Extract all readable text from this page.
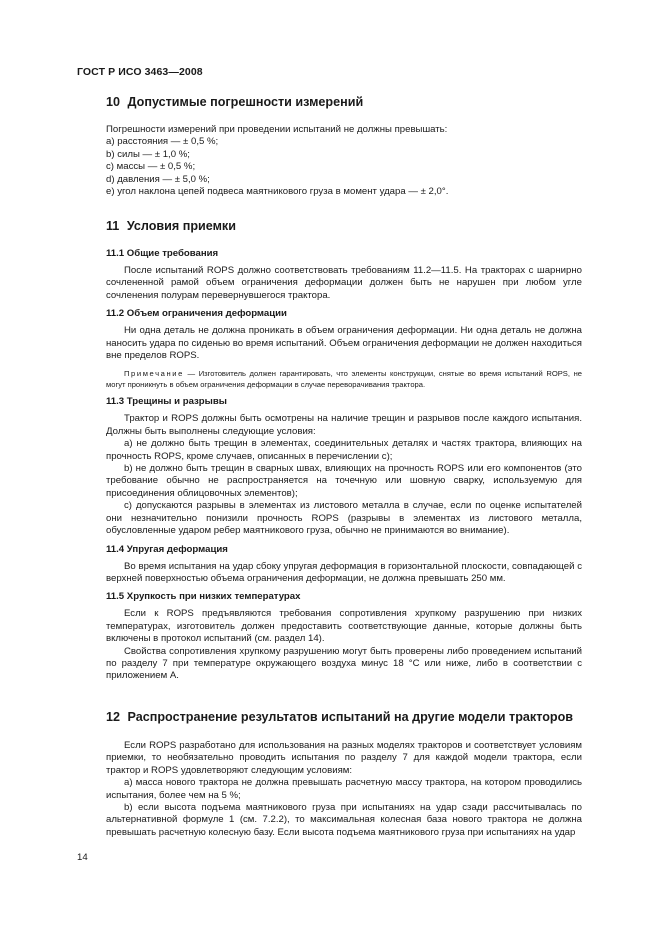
ГОСТ Р ИСО 3463—2008
10 Допустимые погрешности измерений
Погрешности измерений при проведении испытаний не должны превышать:
a) расстояния — ± 0,5 %;
b) силы — ± 1,0 %;
c) массы — ± 0,5 %;
d) давления — ± 5,0 %;
e) угол наклона цепей подвеса маятникового груза в момент удара — ± 2,0°.
11 Условия приемки
11.1 Общие требования
После испытаний ROPS должно соответствовать требованиям 11.2—11.5. На тракторах с шарнирно сочлененной рамой объем ограничения деформации должен быть не нарушен при любом угле сочленения полурам перевернувшегося трактора.
11.2 Объем ограничения деформации
Ни одна деталь не должна проникать в объем ограничения деформации. Ни одна деталь не должна наносить удара по сиденью во время испытаний. Объем ограничения деформации не должен находиться вне пределов ROPS.
Примечание — Изготовитель должен гарантировать, что элементы конструкции, снятые во время испытаний ROPS, не могут проникнуть в объем ограничения деформации в случае переворачивания трактора.
11.3 Трещины и разрывы
Трактор и ROPS должны быть осмотрены на наличие трещин и разрывов после каждого испытания. Должны быть выполнены следующие условия:
a) не должно быть трещин в элементах, соединительных деталях и частях трактора, влияющих на прочность ROPS, кроме случаев, описанных в перечислении c);
b) не должно быть трещин в сварных швах, влияющих на прочность ROPS или его компонентов (это требование обычно не распространяется на точечную или шовную сварку, используемую для присоединения облицовочных элементов);
c) допускаются разрывы в элементах из листового металла в случае, если по оценке испытателей они незначительно понизили прочность ROPS (разрывы в элементах из листового металла, обусловленные ударом ребер маятникового груза, обычно не принимаются во внимание).
11.4 Упругая деформация
Во время испытания на удар сбоку упругая деформация в горизонтальной плоскости, совпадающей с верхней поверхностью объема ограничения деформации, не должна превышать 250 мм.
11.5 Хрупкость при низких температурах
Если к ROPS предъявляются требования сопротивления хрупкому разрушению при низких температурах, изготовитель должен предоставить соответствующие данные, которые должны быть включены в протокол испытаний (см. раздел 14).
Свойства сопротивления хрупкому разрушению могут быть проверены либо проведением испытаний по разделу 7 при температуре окружающего воздуха минус 18 °С или ниже, либо в соответствии с приложением А.
12 Распространение результатов испытаний на другие модели тракторов
Если ROPS разработано для использования на разных моделях тракторов и соответствует условиям приемки, то необязательно проводить испытания по разделу 7 для каждой модели трактора, если трактор и ROPS удовлетворяют следующим условиям:
a) масса нового трактора не должна превышать расчетную массу трактора, на котором проводились испытания, более чем на 5 %;
b) если высота подъема маятникового груза при испытаниях на удар сзади рассчитывалась по альтернативной формуле 1 (см. 7.2.2), то максимальная колесная база нового трактора не должна превышать расчетную колесную базу. Если высота подъема маятникового груза при испытаниях на удар
14
